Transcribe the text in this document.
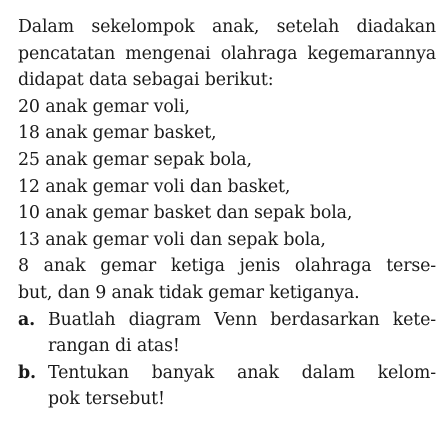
Dalam sekelompok anak, setelah diadakan
pencatatan mengenai olahraga kegemarannya
didapat data sebagai berikut:
20 anak gemar voli,
18 anak gemar basket,
25 anak gemar sepak bola,
12 anak gemar voli dan basket,
10 anak gemar basket dan sepak bola,
13 anak gemar voli dan sepak bola,
8 anak gemar ketiga jenis olahraga terse-
but, dan 9 anak tidak gemar ketiganya.
a. Buatlah diagram Venn berdasarkan kete-
rangan di atas!
b. Tentukan banyak anak dalam kelom-
pok tersebut!
